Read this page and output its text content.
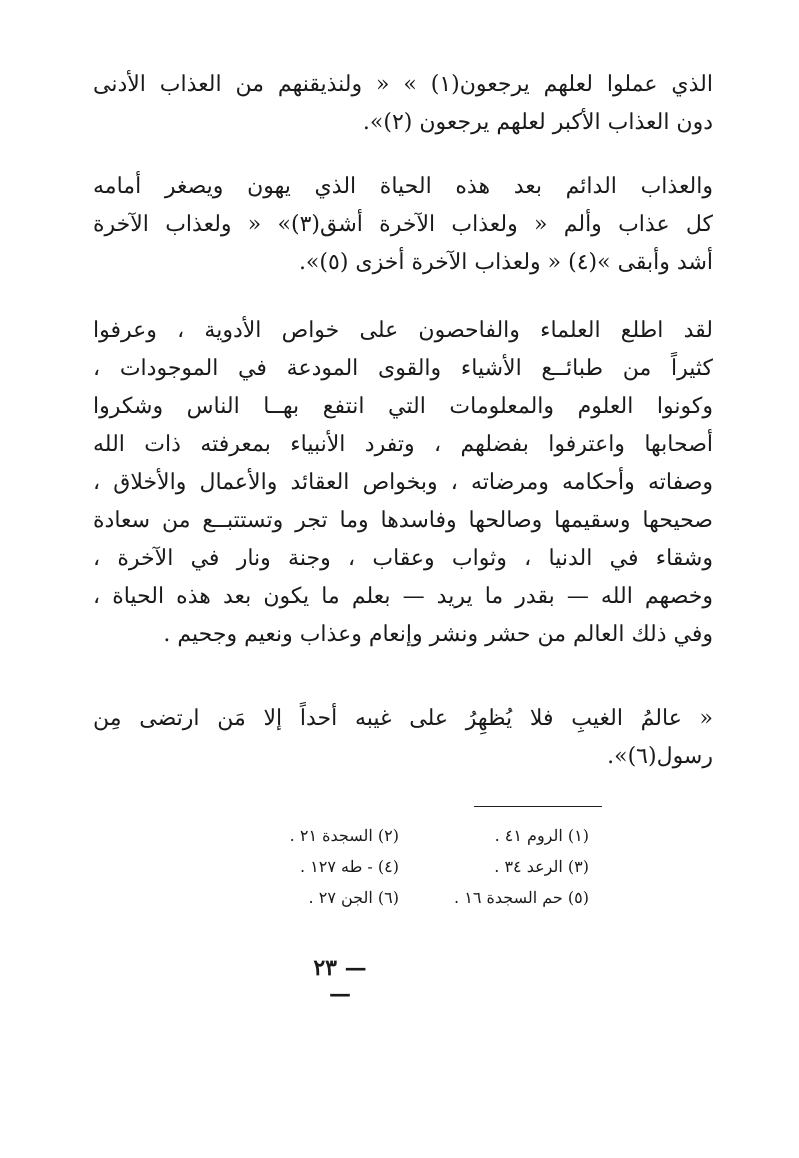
الذي عملوا لعلهم يرجعون(١) » « ولنذيقنهم من العذاب الأدنى
دون العذاب الأكبر لعلهم يرجعون (٢)».
والعذاب الدائم بعد هذه الحياة الذي يهون ويصغر أمامه
كل عذاب وألم « ولعذاب الآخرة أشق(٣)» « ولعذاب الآخرة
أشد وأبقى »(٤) « ولعذاب الآخرة أخزى (٥)».
لقد اطلع العلماء والفاحصون على خواص الأدوية ، وعرفوا
كثيراً من طبائــع الأشياء والقوى المودعة في الموجودات ،
وكونوا العلوم والمعلومات التي انتفع بهــا الناس وشكروا
أصحابها واعترفوا بفضلهم ، وتفرد الأنبياء بمعرفته ذات الله
وصفاته وأحكامه ومرضاته ، وبخواص العقائد والأعمال والأخلاق ،
صحيحها وسقيمها وصالحها وفاسدها وما تجر وتستتبــع من سعادة
وشقاء في الدنيا ، وثواب وعقاب ، وجنة ونار في الآخرة ،
وخصهم الله — بقدر ما يريد — بعلم ما يكون بعد هذه الحياة ،
وفي ذلك العالم من حشر ونشر وإنعام وعذاب ونعيم وجحيم .
« عالمُ الغيبِ فلا يُظهِرُ على غيبه أحداً إلا مَن ارتضى مِن
رسول(٦)».
(١) الروم ٤١ .
(٢) السجدة ٢١ .
(٣) الرعد ٣٤ .
(٤) - طه ١٢٧ .
(٥) حم السجدة ١٦ .
(٦) الجن ٢٧ .
— ٢٣ —
